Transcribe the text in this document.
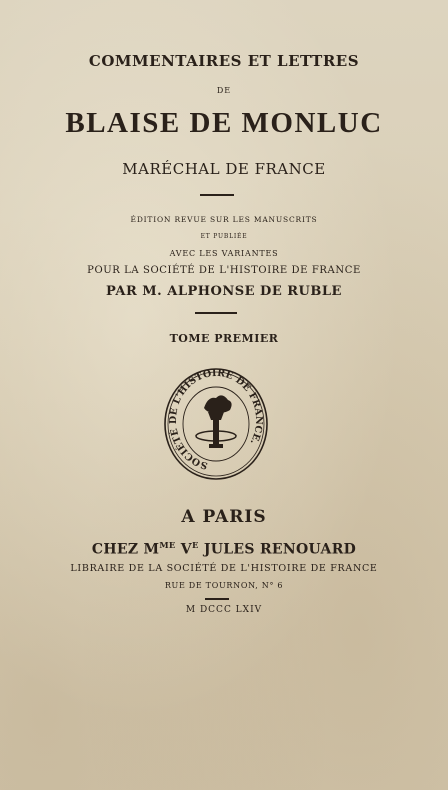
COMMENTAIRES ET LETTRES
DE
BLAISE DE MONLUC
MARÉCHAL DE FRANCE
ÉDITION REVUE SUR LES MANUSCRITS
ET PUBLIÉE
AVEC LES VARIANTES
POUR LA SOCIÉTÉ DE L'HISTOIRE DE FRANCE
PAR M. ALPHONSE DE RUBLE
TOME PREMIER
SOCIÉTÉ DE L'HISTOIRE DE FRANCE.
A PARIS
CHEZ $M^{ME}$ $V^E$ JULES RENOUARD
LIBRAIRE DE LA SOCIÉTÉ DE L'HISTOIRE DE FRANCE
RUE DE TOURNON, N° 6
M DCCC LXIV
